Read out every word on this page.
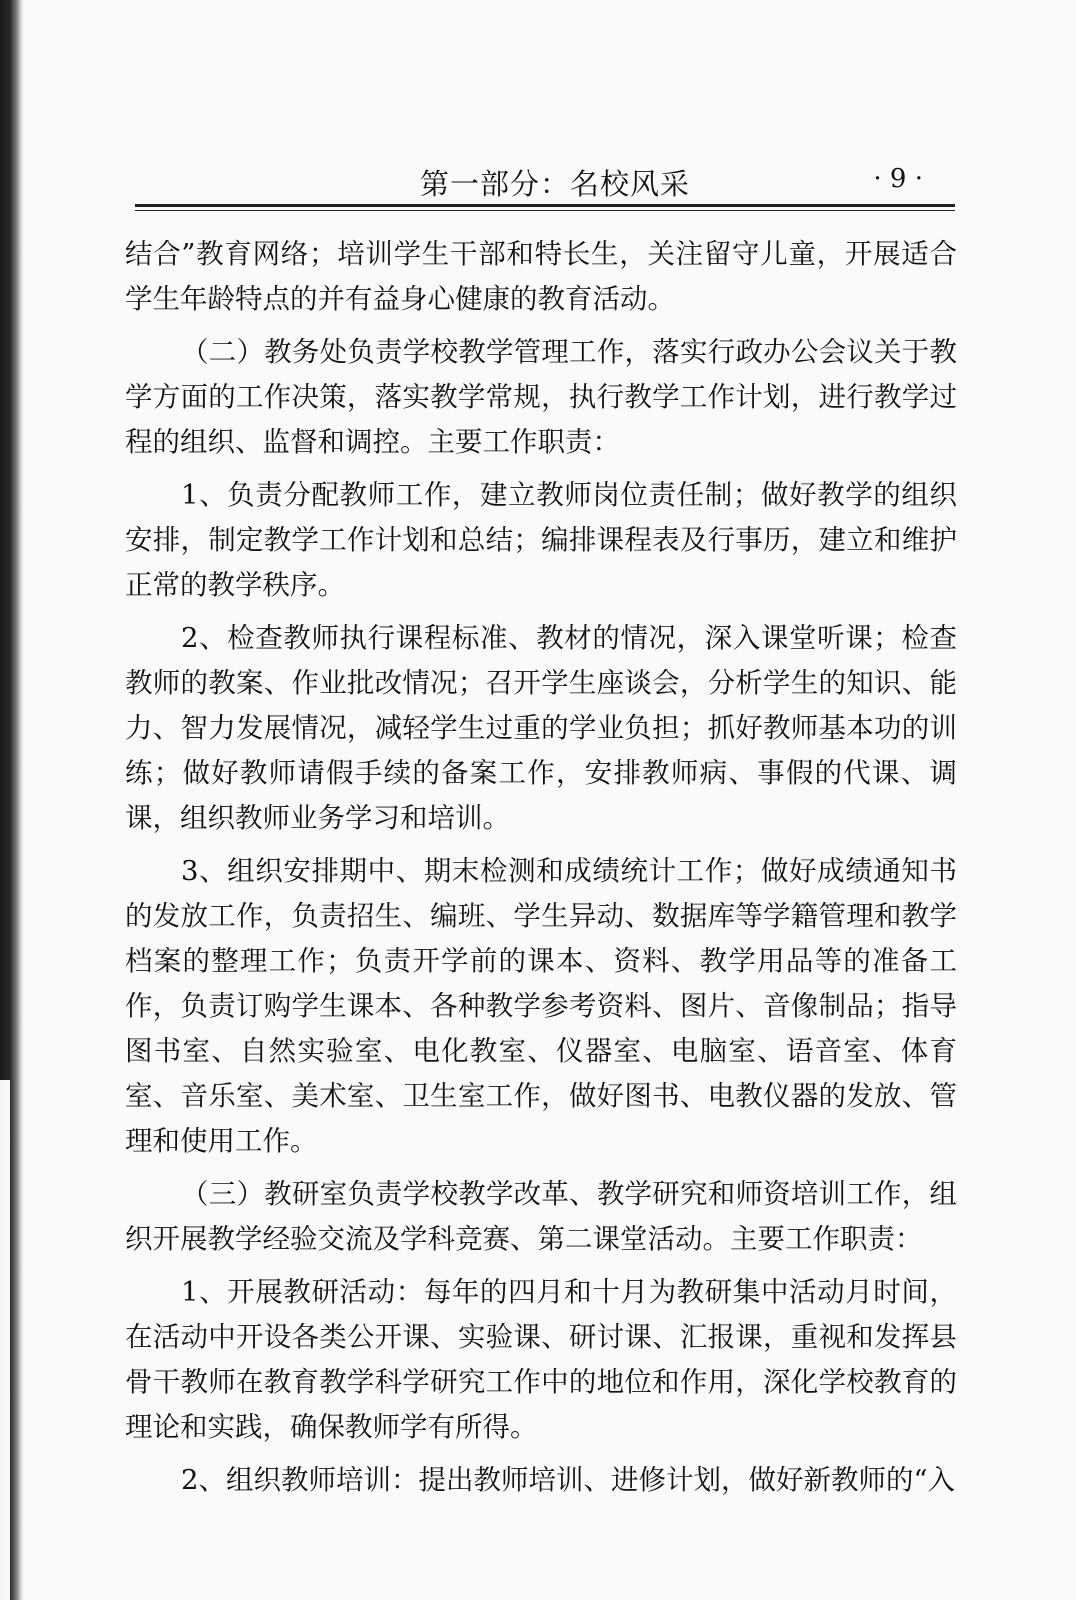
第一部分：名校风采	· 9 ·

结合”教育网络；培训学生干部和特长生，关注留守儿童，开展适合学生年龄特点的并有益身心健康的教育活动。

（二）教务处负责学校教学管理工作，落实行政办公会议关于教学方面的工作决策，落实教学常规，执行教学工作计划，进行教学过程的组织、监督和调控。主要工作职责：

1、负责分配教师工作，建立教师岗位责任制；做好教学的组织安排，制定教学工作计划和总结；编排课程表及行事历，建立和维护正常的教学秩序。

2、检查教师执行课程标准、教材的情况，深入课堂听课；检查教师的教案、作业批改情况；召开学生座谈会，分析学生的知识、能力、智力发展情况，减轻学生过重的学业负担；抓好教师基本功的训练；做好教师请假手续的备案工作，安排教师病、事假的代课、调课，组织教师业务学习和培训。

3、组织安排期中、期末检测和成绩统计工作；做好成绩通知书的发放工作，负责招生、编班、学生异动、数据库等学籍管理和教学档案的整理工作；负责开学前的课本、资料、教学用品等的准备工作，负责订购学生课本、各种教学参考资料、图片、音像制品；指导图书室、自然实验室、电化教室、仪器室、电脑室、语音室、体育室、音乐室、美术室、卫生室工作，做好图书、电教仪器的发放、管理和使用工作。

（三）教研室负责学校教学改革、教学研究和师资培训工作，组织开展教学经验交流及学科竞赛、第二课堂活动。主要工作职责：

1、开展教研活动：每年的四月和十月为教研集中活动月时间，在活动中开设各类公开课、实验课、研讨课、汇报课，重视和发挥县骨干教师在教育教学科学研究工作中的地位和作用，深化学校教育的理论和实践，确保教师学有所得。

2、组织教师培训：提出教师培训、进修计划，做好新教师的“入
